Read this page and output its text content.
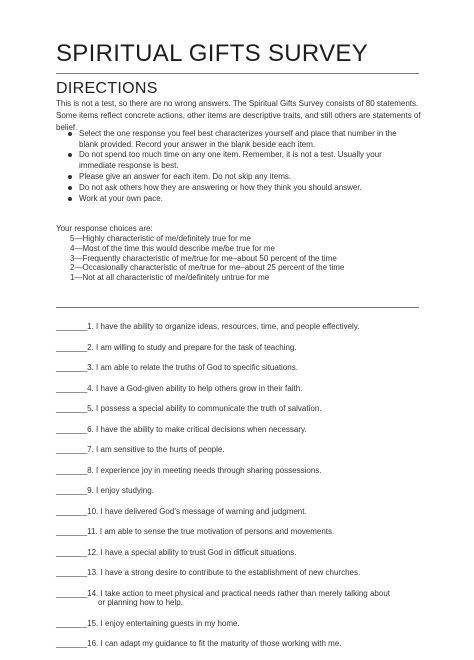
SPIRITUAL GIFTS SURVEY
DIRECTIONS
This is not a test, so there are no wrong answers. The Spiritual Gifts Survey consists of 80 statements. Some items reflect concrete actions, other items are descriptive traits, and still others are statements of belief.
Select the one response you feel best characterizes yourself and place that number in the blank provided. Record your answer in the blank beside each item.
Do not spend too much time on any one item. Remember, it is not a test. Usually your immediate response is best.
Please give an answer for each item. Do not skip any items.
Do not ask others how they are answering or how they think you should answer.
Work at your own pace.
Your response choices are:
5—Highly characteristic of me/definitely true for me
4—Most of the time this would describe me/be true for me
3—Frequently characteristic of me/true for me–about 50 percent of the time
2—Occasionally characteristic of me/true for me–about 25 percent of the time
1—Not at all characteristic of me/definitely untrue for me
_______1. I have the ability to organize ideas, resources, time, and people effectively.
_______2. I am willing to study and prepare for the task of teaching.
_______3. I am able to relate the truths of God to specific situations.
_______4. I have a God-given ability to help others grow in their faith.
_______5. I possess a special ability to communicate the truth of salvation.
_______6. I have the ability to make critical decisions when necessary.
_______7. I am sensitive to the hurts of people.
_______8. I experience joy in meeting needs through sharing possessions.
_______9. I enjoy studying.
_______10. I have delivered God’s message of warning and judgment.
_______11. I am able to sense the true motivation of persons and movements.
_______12. I have a special ability to trust God in difficult situations.
_______13. I have a strong desire to contribute to the establishment of new churches.
_______14. I take action to meet physical and practical needs rather than merely talking about
or planning how to help.
_______15. I enjoy entertaining guests in my home.
_______16. I can adapt my guidance to fit the maturity of those working with me.
